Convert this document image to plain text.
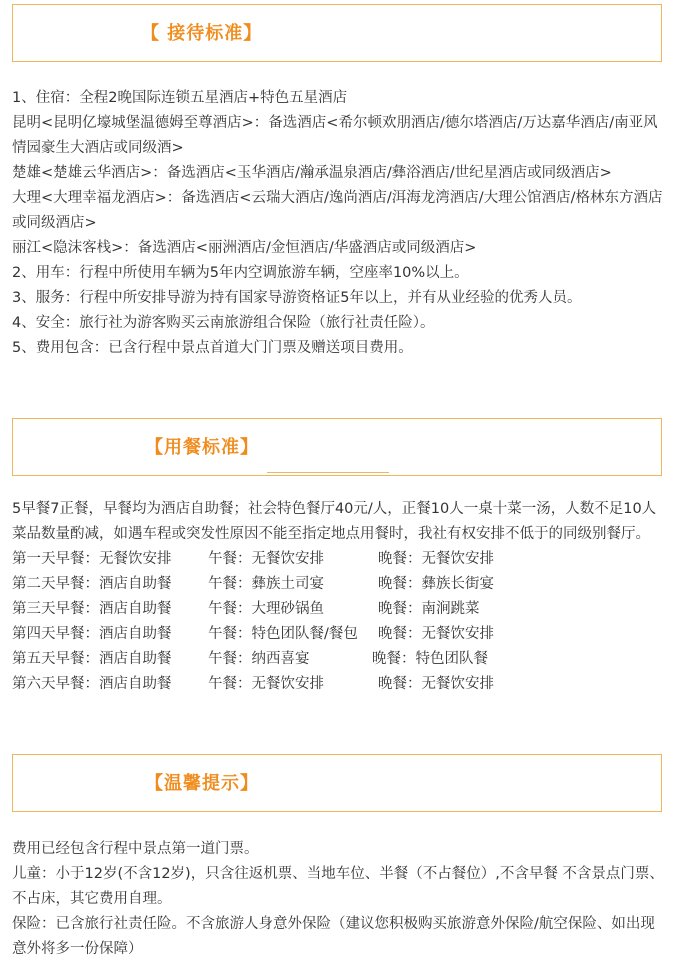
【 接待标准】

1、住宿：全程2晚国际连锁五星酒店+特色五星酒店

昆明<昆明亿壕城堡温德姆至尊酒店>：备选酒店<希尔顿欢朋酒店/德尔塔酒店/万达嘉华酒店/南亚风情园豪生大酒店或同级酒>

楚雄<楚雄云华酒店>：备选酒店<玉华酒店/瀚承温泉酒店/彝浴酒店/世纪星酒店或同级酒店>

大理<大理幸福龙酒店>：备选酒店<云瑞大酒店/逸尚酒店/洱海龙湾酒店/大理公馆酒店/格林东方酒店或同级酒店>

丽江<隐沫客栈>：备选酒店<丽洲酒店/金恒酒店/华盛酒店或同级酒店>

2、用车：行程中所使用车辆为5年内空调旅游车辆，空座率10%以上。

3、服务：行程中所安排导游为持有国家导游资格证5年以上，并有从业经验的优秀人员。

4、安全：旅行社为游客购买云南旅游组合保险（旅行社责任险）。

5、费用包含：已含行程中景点首道大门门票及赠送项目费用。

【用餐标准】

5早餐7正餐，早餐均为酒店自助餐；社会特色餐厅40元/人，正餐10人一桌十菜一汤，人数不足10人菜品数量酌减，如遇车程或突发性原因不能至指定地点用餐时，我社有权安排不低于的同级别餐厅。

第一天早餐：无餐饮安排	午餐：无餐饮安排	晚餐：无餐饮安排
第二天早餐：酒店自助餐	午餐：彝族土司宴	晚餐：彝族长街宴
第三天早餐：酒店自助餐	午餐：大理砂锅鱼	晚餐：南涧跳菜
第四天早餐：酒店自助餐	午餐：特色团队餐/餐包	晚餐：无餐饮安排
第五天早餐：酒店自助餐	午餐：纳西喜宴	晚餐：特色团队餐
第六天早餐：酒店自助餐	午餐：无餐饮安排	晚餐：无餐饮安排
【温馨提示】

费用已经包含行程中景点第一道门票。

儿童：小于12岁(不含12岁)，只含往返机票、当地车位、半餐（不占餐位）,不含早餐 不含景点门票、不占床，其它费用自理。

保险：已含旅行社责任险。不含旅游人身意外保险（建议您积极购买旅游意外保险/航空保险、如出现意外将多一份保障）
